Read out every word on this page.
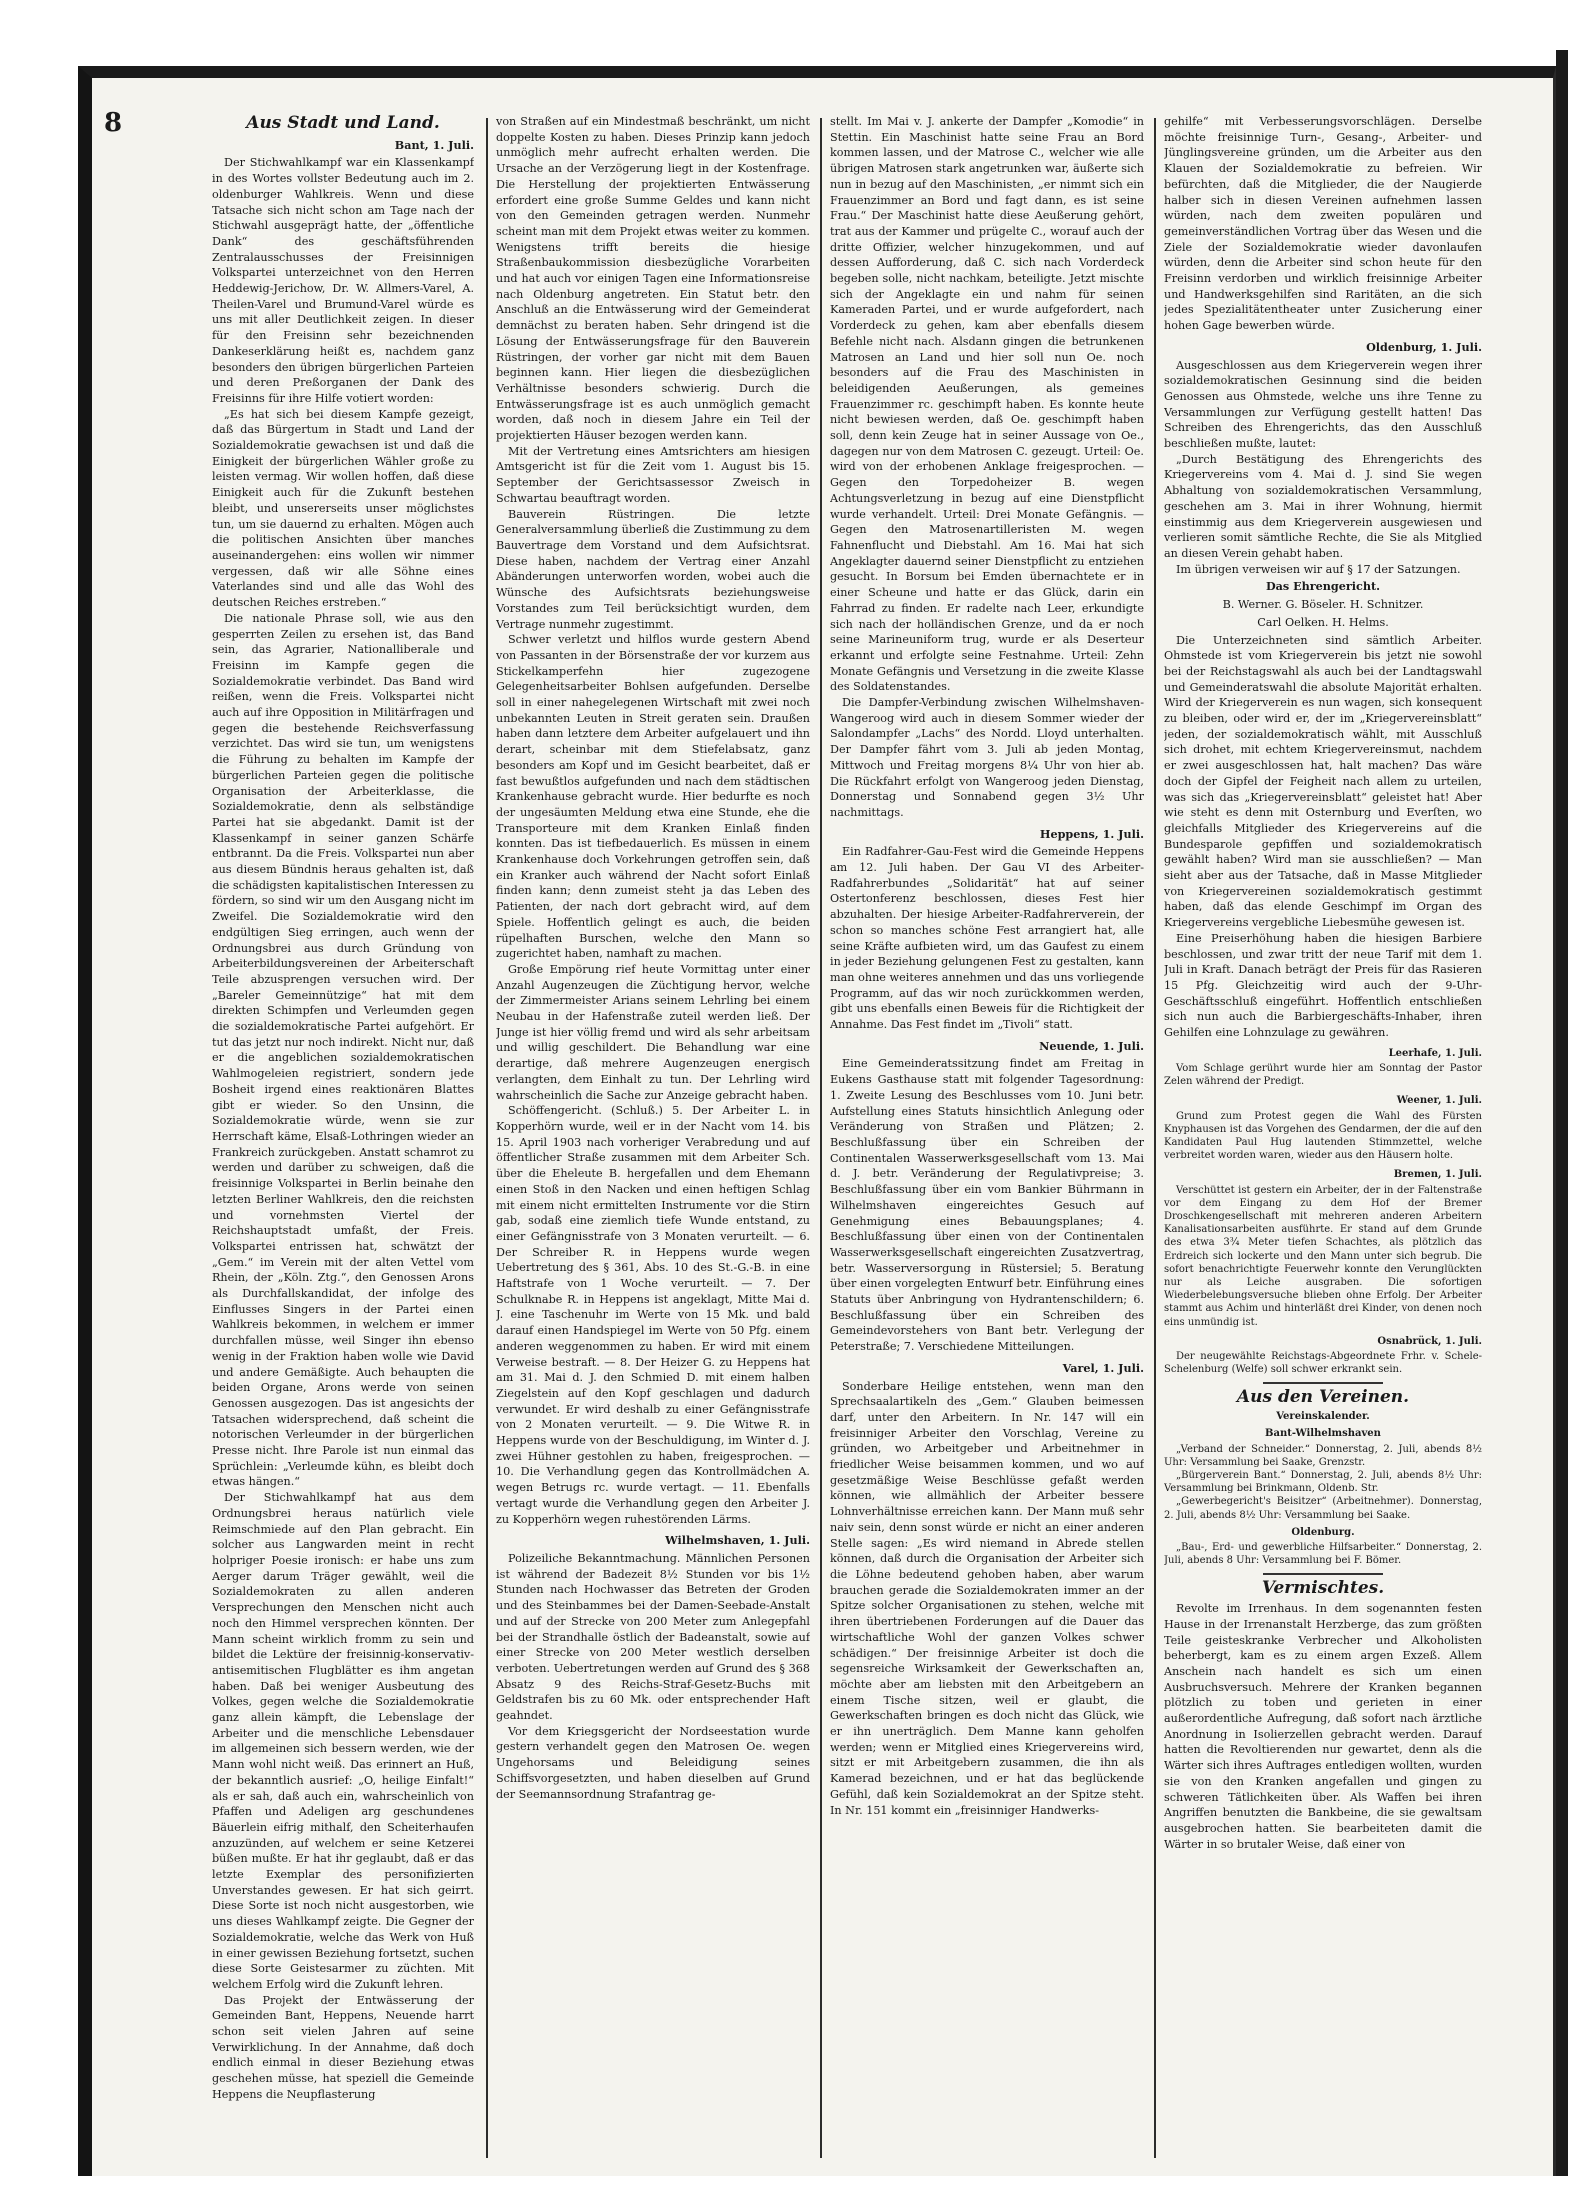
8	Aus Stadt und Land.
Bant, 1. Juli.

Der Stichwahlkampf war ein Klassenkampf in des Wortes vollster Bedeutung auch im 2. oldenburger Wahlkreis. Wenn und diese Tatsache sich nicht schon am Tage nach der Stichwahl ausgeprägt hatte, der „öffentliche Dank“ des geschäftsführenden Zentralausschusses der Freisinnigen Volkspartei unterzeichnet von den Herren Heddewig-Jerichow, Dr. W. Allmers-Varel, A. Theilen-Varel und Brumund-Varel würde es uns mit aller Deutlichkeit zeigen. In dieser für den Freisinn sehr bezeichnenden Dankeserklärung heißt es, nachdem ganz besonders den übrigen bürgerlichen Parteien und deren Preßorganen der Dank des Freisinns für ihre Hilfe votiert worden:

„Es hat sich bei diesem Kampfe gezeigt, daß das Bürgertum in Stadt und Land der Sozialdemokratie gewachsen ist und daß die Einigkeit der bürgerlichen Wähler große zu leisten vermag. Wir wollen hoffen, daß diese Einigkeit auch für die Zukunft bestehen bleibt, und unsererseits unser möglichstes tun, um sie dauernd zu erhalten. Mögen auch die politischen Ansichten über manches auseinandergehen: eins wollen wir nimmer vergessen, daß wir alle Söhne eines Vaterlandes sind und alle das Wohl des deutschen Reiches erstreben.“

Die nationale Phrase soll, wie aus den gesperrten Zeilen zu ersehen ist, das Band sein, das Agrarier, Nationalliberale und Freisinn im Kampfe gegen die Sozialdemokratie verbindet. Das Band wird reißen, wenn die Freis. Volkspartei nicht auch auf ihre Opposition in Militärfragen und gegen die bestehende Reichsverfassung verzichtet. Das wird sie tun, um wenigstens die Führung zu behalten im Kampfe der bürgerlichen Parteien gegen die politische Organisation der Arbeiterklasse, die Sozialdemokratie, denn als selbständige Partei hat sie abgedankt. Damit ist der Klassenkampf in seiner ganzen Schärfe entbrannt. Da die Freis. Volkspartei nun aber aus diesem Bündnis heraus gehalten ist, daß die schädigsten kapitalistischen Interessen zu fördern, so sind wir um den Ausgang nicht im Zweifel. Die Sozialdemokratie wird den endgültigen Sieg erringen, auch wenn der Ordnungsbrei aus durch Gründung von Arbeiterbildungsvereinen der Arbeiterschaft Teile abzusprengen versuchen wird. Der „Bareler Gemeinnützige“ hat mit dem direkten Schimpfen und Verleumden gegen die sozialdemokratische Partei aufgehört. Er tut das jetzt nur noch indirekt. Nicht nur, daß er die angeblichen sozialdemokratischen Wahlmogeleien registriert, sondern jede Bosheit irgend eines reaktionären Blattes gibt er wieder. So den Unsinn, die Sozialdemokratie würde, wenn sie zur Herrschaft käme, Elsaß-Lothringen wieder an Frankreich zurückgeben. Anstatt schamrot zu werden und darüber zu schweigen, daß die freisinnige Volkspartei in Berlin beinahe den letzten Berliner Wahlkreis, den die reichsten und vornehmsten Viertel der Reichshauptstadt umfaßt, der Freis. Volkspartei entrissen hat, schwätzt der „Gem.“ im Verein mit der alten Vettel vom Rhein, der „Köln. Ztg.“, den Genossen Arons als Durchfallskandidat, der infolge des Einflusses Singers in der Partei einen Wahlkreis bekommen, in welchem er immer durchfallen müsse, weil Singer ihn ebenso wenig in der Fraktion haben wolle wie David und andere Gemäßigte. Auch behaupten die beiden Organe, Arons werde von seinen Genossen ausgezogen. Das ist angesichts der Tatsachen widersprechend, daß scheint die notorischen Verleumder in der bürgerlichen Presse nicht. Ihre Parole ist nun einmal das Sprüchlein: „Verleumde kühn, es bleibt doch etwas hängen.“

Der Stichwahlkampf hat aus dem Ordnungsbrei heraus natürlich viele Reimschmiede auf den Plan gebracht. Ein solcher aus Langwarden meint in recht holpriger Poesie ironisch: er habe uns zum Aerger darum Träger gewählt, weil die Sozialdemokraten zu allen anderen Versprechungen den Menschen nicht auch noch den Himmel versprechen könnten. Der Mann scheint wirklich fromm zu sein und bildet die Lektüre der freisinnig-konservativ-antisemitischen Flugblätter es ihm angetan haben. Daß bei weniger Ausbeutung des Volkes, gegen welche die Sozialdemokratie ganz allein kämpft, die Lebenslage der Arbeiter und die menschliche Lebensdauer im allgemeinen sich bessern werden, wie der Mann wohl nicht weiß. Das erinnert an Huß, der bekanntlich ausrief: „O, heilige Einfalt!“ als er sah, daß auch ein, wahrscheinlich von Pfaffen und Adeligen arg geschundenes Bäuerlein eifrig mithalf, den Scheiterhaufen anzuzünden, auf welchem er seine Ketzerei büßen mußte. Er hat ihr geglaubt, daß er das letzte Exemplar des personifizierten Unverstandes gewesen. Er hat sich geirrt. Diese Sorte ist noch nicht ausgestorben, wie uns dieses Wahlkampf zeigte. Die Gegner der Sozialdemokratie, welche das Werk von Huß in einer gewissen Beziehung fortsetzt, suchen diese Sorte Geistesarmer zu züchten. Mit welchem Erfolg wird die Zukunft lehren.

Das Projekt der Entwässerung der Gemeinden Bant, Heppens, Neuende harrt schon seit vielen Jahren auf seine Verwirklichung. In der Annahme, daß doch endlich einmal in dieser Beziehung etwas geschehen müsse, hat speziell die Gemeinde Heppens die Neupflasterung

von Straßen auf ein Mindestmaß beschränkt, um nicht doppelte Kosten zu haben. Dieses Prinzip kann jedoch unmöglich mehr aufrecht erhalten werden. Die Ursache an der Verzögerung liegt in der Kostenfrage. Die Herstellung der projektierten Entwässerung erfordert eine große Summe Geldes und kann nicht von den Gemeinden getragen werden. Nunmehr scheint man mit dem Projekt etwas weiter zu kommen. Wenigstens trifft bereits die hiesige Straßenbaukommission diesbezügliche Vorarbeiten und hat auch vor einigen Tagen eine Informationsreise nach Oldenburg angetreten. Ein Statut betr. den Anschluß an die Entwässerung wird der Gemeinderat demnächst zu beraten haben. Sehr dringend ist die Lösung der Entwässerungsfrage für den Bauverein Rüstringen, der vorher gar nicht mit dem Bauen beginnen kann. Hier liegen die diesbezüglichen Verhältnisse besonders schwierig. Durch die Entwässerungsfrage ist es auch unmöglich gemacht worden, daß noch in diesem Jahre ein Teil der projektierten Häuser bezogen werden kann.

Mit der Vertretung eines Amtsrichters am hiesigen Amtsgericht ist für die Zeit vom 1. August bis 15. September der Gerichtsassessor Zweisch in Schwartau beauftragt worden.

Bauverein Rüstringen. Die letzte Generalversammlung überließ die Zustimmung zu dem Bauvertrage dem Vorstand und dem Aufsichtsrat. Diese haben, nachdem der Vertrag einer Anzahl Abänderungen unterworfen worden, wobei auch die Wünsche des Aufsichtsrats beziehungsweise Vorstandes zum Teil berücksichtigt wurden, dem Vertrage nunmehr zugestimmt.

Schwer verletzt und hilflos wurde gestern Abend von Passanten in der Börsenstraße der vor kurzem aus Stickelkamperfehn hier zugezogene Gelegenheitsarbeiter Bohlsen aufgefunden. Derselbe soll in einer nahegelegenen Wirtschaft mit zwei noch unbekannten Leuten in Streit geraten sein. Draußen haben dann letztere dem Arbeiter aufgelauert und ihn derart, scheinbar mit dem Stiefelabsatz, ganz besonders am Kopf und im Gesicht bearbeitet, daß er fast bewußtlos aufgefunden und nach dem städtischen Krankenhause gebracht wurde. Hier bedurfte es noch der ungesäumten Meldung etwa eine Stunde, ehe die Transporteure mit dem Kranken Einlaß finden konnten. Das ist tiefbedauerlich. Es müssen in einem Krankenhause doch Vorkehrungen getroffen sein, daß ein Kranker auch während der Nacht sofort Einlaß finden kann; denn zumeist steht ja das Leben des Patienten, der nach dort gebracht wird, auf dem Spiele. Hoffentlich gelingt es auch, die beiden rüpelhaften Burschen, welche den Mann so zugerichtet haben, namhaft zu machen.

Große Empörung rief heute Vormittag unter einer Anzahl Augenzeugen die Züchtigung hervor, welche der Zimmermeister Arians seinem Lehrling bei einem Neubau in der Hafenstraße zuteil werden ließ. Der Junge ist hier völlig fremd und wird als sehr arbeitsam und willig geschildert. Die Behandlung war eine derartige, daß mehrere Augenzeugen energisch verlangten, dem Einhalt zu tun. Der Lehrling wird wahrscheinlich die Sache zur Anzeige gebracht haben.

Schöffengericht. (Schluß.) 5. Der Arbeiter L. in Kopperhörn wurde, weil er in der Nacht vom 14. bis 15. April 1903 nach vorheriger Verabredung und auf öffentlicher Straße zusammen mit dem Arbeiter Sch. über die Eheleute B. hergefallen und dem Ehemann einen Stoß in den Nacken und einen heftigen Schlag mit einem nicht ermittelten Instrumente vor die Stirn gab, sodaß eine ziemlich tiefe Wunde entstand, zu einer Gefängnisstrafe von 3 Monaten verurteilt. — 6. Der Schreiber R. in Heppens wurde wegen Uebertretung des § 361, Abs. 10 des St.-G.-B. in eine Haftstrafe von 1 Woche verurteilt. — 7. Der Schulknabe R. in Heppens ist angeklagt, Mitte Mai d. J. eine Taschenuhr im Werte von 15 Mk. und bald darauf einen Handspiegel im Werte von 50 Pfg. einem anderen weggenommen zu haben. Er wird mit einem Verweise bestraft. — 8. Der Heizer G. zu Heppens hat am 31. Mai d. J. den Schmied D. mit einem halben Ziegelstein auf den Kopf geschlagen und dadurch verwundet. Er wird deshalb zu einer Gefängnisstrafe von 2 Monaten verurteilt. — 9. Die Witwe R. in Heppens wurde von der Beschuldigung, im Winter d. J. zwei Hühner gestohlen zu haben, freigesprochen. — 10. Die Verhandlung gegen das Kontrollmädchen A. wegen Betrugs rc. wurde vertagt. — 11. Ebenfalls vertagt wurde die Verhandlung gegen den Arbeiter J. zu Kopperhörn wegen ruhestörenden Lärms.

Wilhelmshaven, 1. Juli.

Polizeiliche Bekanntmachung. Männlichen Personen ist während der Badezeit 8½ Stunden vor bis 1½ Stunden nach Hochwasser das Betreten der Groden und des Steinbammes bei der Damen-Seebade-Anstalt und auf der Strecke von 200 Meter zum Anlegepfahl bei der Strandhalle östlich der Badeanstalt, sowie auf einer Strecke von 200 Meter westlich derselben verboten. Uebertretungen werden auf Grund des § 368 Absatz 9 des Reichs-Straf-Gesetz-Buchs mit Geldstrafen bis zu 60 Mk. oder entsprechender Haft geahndet.

Vor dem Kriegsgericht der Nordseestation wurde gestern verhandelt gegen den Matrosen Oe. wegen Ungehorsams und Beleidigung seines Schiffsvorgesetzten, und haben dieselben auf Grund der Seemannsordnung Strafantrag ge-

stellt. Im Mai v. J. ankerte der Dampfer „Komodie“ in Stettin. Ein Maschinist hatte seine Frau an Bord kommen lassen, und der Matrose C., welcher wie alle übrigen Matrosen stark angetrunken war, äußerte sich nun in bezug auf den Maschinisten, „er nimmt sich ein Frauenzimmer an Bord und fagt dann, es ist seine Frau.“ Der Maschinist hatte diese Aeußerung gehört, trat aus der Kammer und prügelte C., worauf auch der dritte Offizier, welcher hinzugekommen, und auf dessen Aufforderung, daß C. sich nach Vorderdeck begeben solle, nicht nachkam, beteiligte. Jetzt mischte sich der Angeklagte ein und nahm für seinen Kameraden Partei, und er wurde aufgefordert, nach Vorderdeck zu gehen, kam aber ebenfalls diesem Befehle nicht nach. Alsdann gingen die betrunkenen Matrosen an Land und hier soll nun Oe. noch besonders auf die Frau des Maschinisten in beleidigenden Aeußerungen, als gemeines Frauenzimmer rc. geschimpft haben. Es konnte heute nicht bewiesen werden, daß Oe. geschimpft haben soll, denn kein Zeuge hat in seiner Aussage von Oe., dagegen nur von dem Matrosen C. gezeugt. Urteil: Oe. wird von der erhobenen Anklage freigesprochen. — Gegen den Torpedoheizer B. wegen Achtungsverletzung in bezug auf eine Dienstpflicht wurde verhandelt. Urteil: Drei Monate Gefängnis. — Gegen den Matrosenartilleristen M. wegen Fahnenflucht und Diebstahl. Am 16. Mai hat sich Angeklagter dauernd seiner Dienstpflicht zu entziehen gesucht. In Borsum bei Emden übernachtete er in einer Scheune und hatte er das Glück, darin ein Fahrrad zu finden. Er radelte nach Leer, erkundigte sich nach der holländischen Grenze, und da er noch seine Marineuniform trug, wurde er als Deserteur erkannt und erfolgte seine Festnahme. Urteil: Zehn Monate Gefängnis und Versetzung in die zweite Klasse des Soldatenstandes.

Die Dampfer-Verbindung zwischen Wilhelmshaven-Wangeroog wird auch in diesem Sommer wieder der Salondampfer „Lachs“ des Nordd. Lloyd unterhalten. Der Dampfer fährt vom 3. Juli ab jeden Montag, Mittwoch und Freitag morgens 8¼ Uhr von hier ab. Die Rückfahrt erfolgt von Wangeroog jeden Dienstag, Donnerstag und Sonnabend gegen 3½ Uhr nachmittags.

Heppens, 1. Juli.

Ein Radfahrer-Gau-Fest wird die Gemeinde Heppens am 12. Juli haben. Der Gau VI des Arbeiter-Radfahrerbundes „Solidarität“ hat auf seiner Ostertonferenz beschlossen, dieses Fest hier abzuhalten. Der hiesige Arbeiter-Radfahrerverein, der schon so manches schöne Fest arrangiert hat, alle seine Kräfte aufbieten wird, um das Gaufest zu einem in jeder Beziehung gelungenen Fest zu gestalten, kann man ohne weiteres annehmen und das uns vorliegende Programm, auf das wir noch zurückkommen werden, gibt uns ebenfalls einen Beweis für die Richtigkeit der Annahme. Das Fest findet im „Tivoli“ statt.

Neuende, 1. Juli.

Eine Gemeinderatssitzung findet am Freitag in Eukens Gasthause statt mit folgender Tagesordnung: 1. Zweite Lesung des Beschlusses vom 10. Juni betr. Aufstellung eines Statuts hinsichtlich Anlegung oder Veränderung von Straßen und Plätzen; 2. Beschlußfassung über ein Schreiben der Continentalen Wasserwerksgesellschaft vom 13. Mai d. J. betr. Veränderung der Regulativpreise; 3. Beschlußfassung über ein vom Bankier Bührmann in Wilhelmshaven eingereichtes Gesuch auf Genehmigung eines Bebauungsplanes; 4. Beschlußfassung über einen von der Continentalen Wasserwerksgesellschaft eingereichten Zusatzvertrag, betr. Wasserversorgung in Rüstersiel; 5. Beratung über einen vorgelegten Entwurf betr. Einführung eines Statuts über Anbringung von Hydrantenschildern; 6. Beschlußfassung über ein Schreiben des Gemeindevorstehers von Bant betr. Verlegung der Peterstraße; 7. Verschiedene Mitteilungen.

Varel, 1. Juli.

Sonderbare Heilige entstehen, wenn man den Sprechsaalartikeln des „Gem.“ Glauben beimessen darf, unter den Arbeitern. In Nr. 147 will ein freisinniger Arbeiter den Vorschlag, Vereine zu gründen, wo Arbeitgeber und Arbeitnehmer in friedlicher Weise beisammen kommen, und wo auf gesetzmäßige Weise Beschlüsse gefaßt werden können, wie allmählich der Arbeiter bessere Lohnverhältnisse erreichen kann. Der Mann muß sehr naiv sein, denn sonst würde er nicht an einer anderen Stelle sagen: „Es wird niemand in Abrede stellen können, daß durch die Organisation der Arbeiter sich die Löhne bedeutend gehoben haben, aber warum brauchen gerade die Sozialdemokraten immer an der Spitze solcher Organisationen zu stehen, welche mit ihren übertriebenen Forderungen auf die Dauer das wirtschaftliche Wohl der ganzen Volkes schwer schädigen.“ Der freisinnige Arbeiter ist doch die segensreiche Wirksamkeit der Gewerkschaften an, möchte aber am liebsten mit den Arbeitgebern an einem Tische sitzen, weil er glaubt, die Gewerkschaften bringen es doch nicht das Glück, wie er ihn unerträglich. Dem Manne kann geholfen werden; wenn er Mitglied eines Kriegervereins wird, sitzt er mit Arbeitgebern zusammen, die ihn als Kamerad bezeichnen, und er hat das beglückende Gefühl, daß kein Sozialdemokrat an der Spitze steht. In Nr. 151 kommt ein „freisinniger Handwerks-

gehilfe“ mit Verbesserungsvorschlägen. Derselbe möchte freisinnige Turn-, Gesang-, Arbeiter- und Jünglingsvereine gründen, um die Arbeiter aus den Klauen der Sozialdemokratie zu befreien. Wir befürchten, daß die Mitglieder, die der Naugierde halber sich in diesen Vereinen aufnehmen lassen würden, nach dem zweiten populären und gemeinverständlichen Vortrag über das Wesen und die Ziele der Sozialdemokratie wieder davonlaufen würden, denn die Arbeiter sind schon heute für den Freisinn verdorben und wirklich freisinnige Arbeiter und Handwerksgehilfen sind Raritäten, an die sich jedes Spezialitätentheater unter Zusicherung einer hohen Gage bewerben würde.

Oldenburg, 1. Juli.

Ausgeschlossen aus dem Kriegerverein wegen ihrer sozialdemokratischen Gesinnung sind die beiden Genossen aus Ohmstede, welche uns ihre Tenne zu Versammlungen zur Verfügung gestellt hatten! Das Schreiben des Ehrengerichts, das den Ausschluß beschließen mußte, lautet:

„Durch Bestätigung des Ehrengerichts des Kriegervereins vom 4. Mai d. J. sind Sie wegen Abhaltung von sozialdemokratischen Versammlung, geschehen am 3. Mai in ihrer Wohnung, hiermit einstimmig aus dem Kriegerverein ausgewiesen und verlieren somit sämtliche Rechte, die Sie als Mitglied an diesen Verein gehabt haben.

Im übrigen verweisen wir auf § 17 der Satzungen.

Das Ehrengericht.
B. Werner. G. Böseler. H. Schnitzer.
Carl Oelken. H. Helms.

Die Unterzeichneten sind sämtlich Arbeiter. Ohmstede ist vom Kriegerverein bis jetzt nie sowohl bei der Reichstagswahl als auch bei der Landtagswahl und Gemeinderatswahl die absolute Majorität erhalten. Wird der Kriegerverein es nun wagen, sich konsequent zu bleiben, oder wird er, der im „Kriegervereinsblatt“ jeden, der sozialdemokratisch wählt, mit Ausschluß sich drohet, mit echtem Kriegervereinsmut, nachdem er zwei ausgeschlossen hat, halt machen? Das wäre doch der Gipfel der Feigheit nach allem zu urteilen, was sich das „Kriegervereinsblatt“ geleistet hat! Aber wie steht es denn mit Osternburg und Everſten, wo gleichfalls Mitglieder des Kriegervereins auf die Bundesparole gepfiffen und sozialdemokratisch gewählt haben? Wird man sie ausschließen? — Man sieht aber aus der Tatsache, daß in Masse Mitglieder von Kriegervereinen sozialdemokratisch gestimmt haben, daß das elende Geschimpf im Organ des Kriegervereins vergebliche Liebesmühe gewesen ist.

Eine Preiserhöhung haben die hiesigen Barbiere beschlossen, und zwar tritt der neue Tarif mit dem 1. Juli in Kraft. Danach beträgt der Preis für das Rasieren 15 Pfg. Gleichzeitig wird auch der 9-Uhr-Geschäftsschluß eingeführt. Hoffentlich entschließen sich nun auch die Barbiergeschäfts-Inhaber, ihren Gehilfen eine Lohnzulage zu gewähren.

Leerhafe, 1. Juli.

Vom Schlage gerührt wurde hier am Sonntag der Pastor Zelen während der Predigt.

Weener, 1. Juli.

Grund zum Protest gegen die Wahl des Fürsten Knyphausen ist das Vorgehen des Gendarmen, der die auf den Kandidaten Paul Hug lautenden Stimmzettel, welche verbreitet worden waren, wieder aus den Häusern holte.

Bremen, 1. Juli.

Verschüttet ist gestern ein Arbeiter, der in der Faltenstraße vor dem Eingang zu dem Hof der Bremer Droschkengesellschaft mit mehreren anderen Arbeitern Kanalisationsarbeiten ausführte. Er stand auf dem Grunde des etwa 3¾ Meter tiefen Schachtes, als plötzlich das Erdreich sich lockerte und den Mann unter sich begrub. Die sofort benachrichtigte Feuerwehr konnte den Verunglückten nur als Leiche ausgraben. Die sofortigen Wiederbelebungsversuche blieben ohne Erfolg. Der Arbeiter stammt aus Achim und hinterläßt drei Kinder, von denen noch eins unmündig ist.

Osnabrück, 1. Juli.

Der neugewählte Reichstags-Abgeordnete Frhr. v. Schele-Schelenburg (Welfe) soll schwer erkrankt sein.

Aus den Vereinen.
Vereinskalender.
Bant-Wilhelmshaven

„Verband der Schneider.“ Donnerstag, 2. Juli, abends 8½ Uhr: Versammlung bei Saake, Grenzstr.

„Bürgerverein Bant.“ Donnerstag, 2. Juli, abends 8½ Uhr: Versammlung bei Brinkmann, Oldenb. Str.

„Gewerbegericht's Beisitzer“ (Arbeitnehmer). Donnerstag, 2. Juli, abends 8½ Uhr: Versammlung bei Saake.

Oldenburg.

„Bau-, Erd- und gewerbliche Hilfsarbeiter.“ Donnerstag, 2. Juli, abends 8 Uhr: Versammlung bei F. Bömer.

Vermischtes.

Revolte im Irrenhaus. In dem sogenannten festen Hause in der Irrenanstalt Herzberge, das zum größten Teile geisteskranke Verbrecher und Alkoholisten beherbergt, kam es zu einem argen Exzeß. Allem Anschein nach handelt es sich um einen Ausbruchsversuch. Mehrere der Kranken begannen plötzlich zu toben und gerieten in einer außerordentliche Aufregung, daß sofort nach ärztliche Anordnung in Isolierzellen gebracht werden. Darauf hatten die Revoltierenden nur gewartet, denn als die Wärter sich ihres Auftrages entledigen wollten, wurden sie von den Kranken angefallen und gingen zu schweren Tätlichkeiten über. Als Waffen bei ihren Angriffen benutzten die Bankbeine, die sie gewaltsam ausgebrochen hatten. Sie bearbeiteten damit die Wärter in so brutaler Weise, daß einer von
